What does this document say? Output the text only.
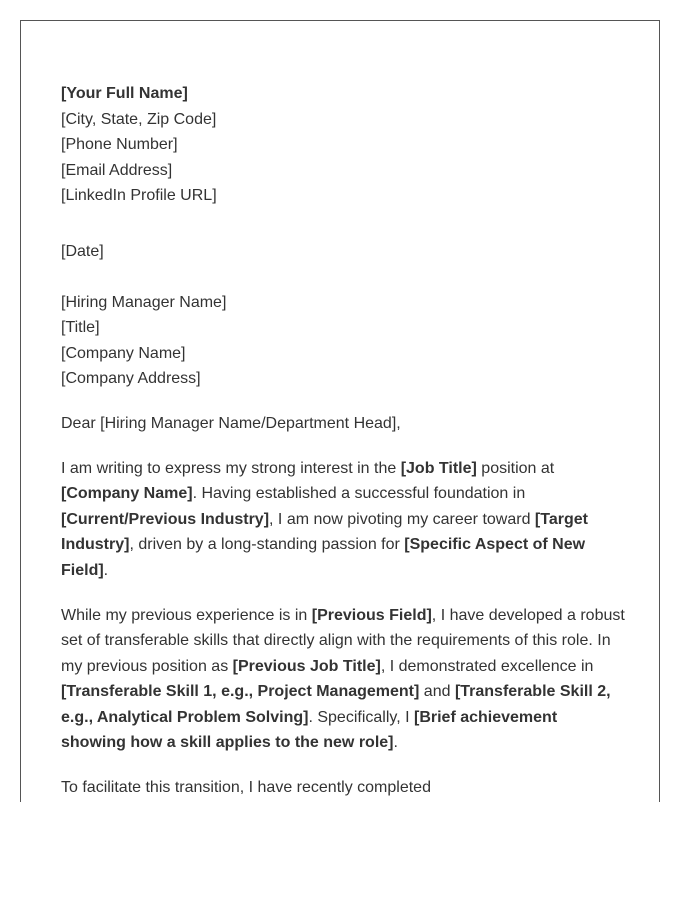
[Your Full Name]
[City, State, Zip Code]
[Phone Number]
[Email Address]
[LinkedIn Profile URL]
[Date]
[Hiring Manager Name]
[Title]
[Company Name]
[Company Address]
Dear [Hiring Manager Name/Department Head],

I am writing to express my strong interest in the [Job Title] position at [Company Name]. Having established a successful foundation in [Current/Previous Industry], I am now pivoting my career toward [Target Industry], driven by a long-standing passion for [Specific Aspect of New Field].

While my previous experience is in [Previous Field], I have developed a robust set of transferable skills that directly align with the requirements of this role. In my previous position as [Previous Job Title], I demonstrated excellence in [Transferable Skill 1, e.g., Project Management] and [Transferable Skill 2, e.g., Analytical Problem Solving]. Specifically, I [Brief achievement showing how a skill applies to the new role].

To facilitate this transition, I have recently completed
